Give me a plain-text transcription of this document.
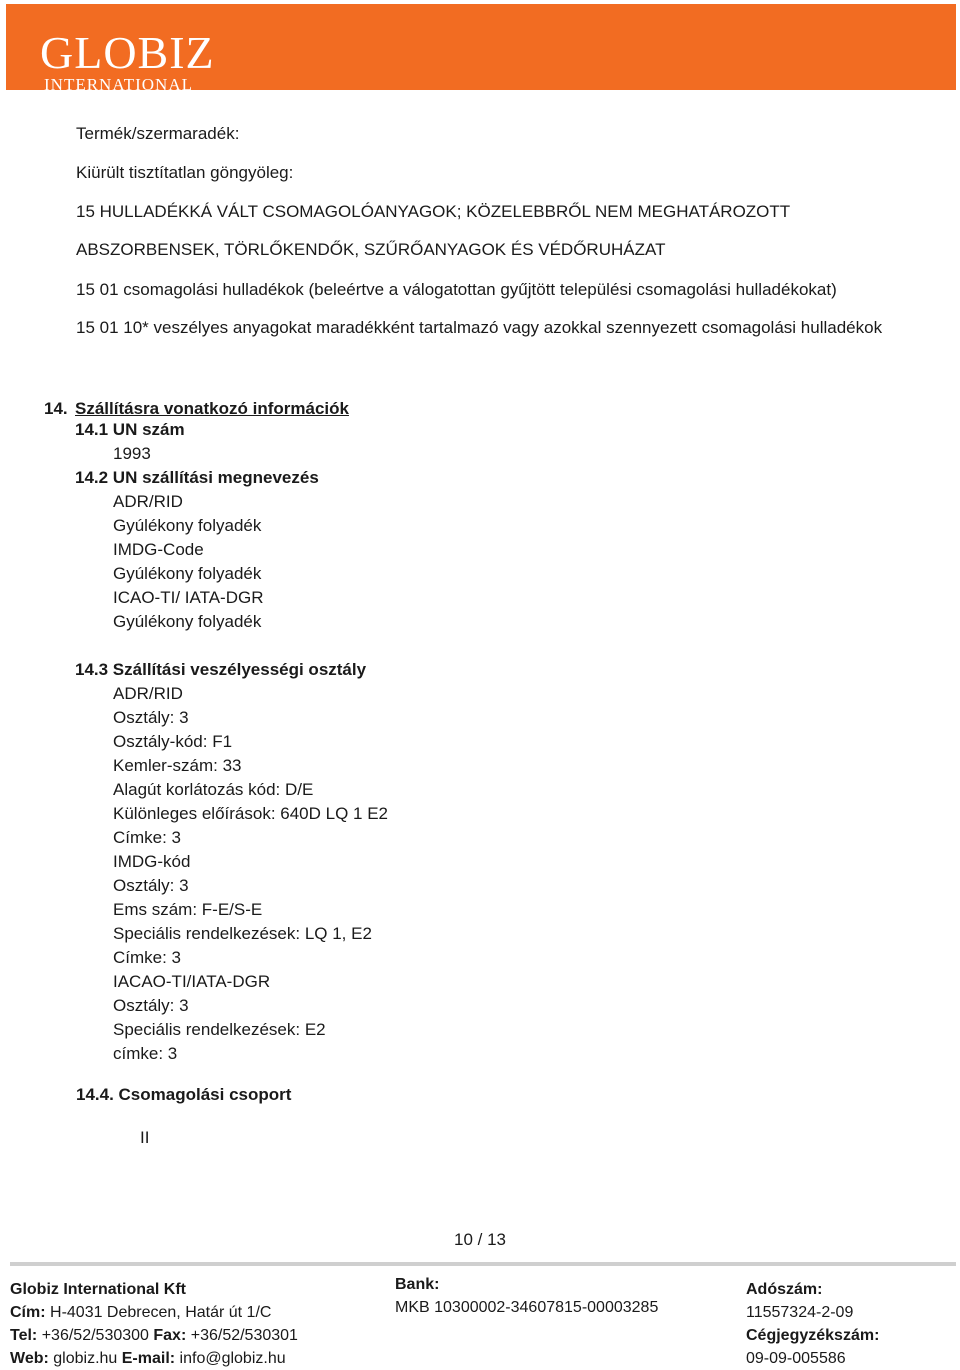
GLOBIZ
INTERNATIONAL
Termék/szermaradék:
Kiürült tisztítatlan göngyöleg:
15 HULLADÉKKÁ VÁLT CSOMAGOLÓANYAGOK; KÖZELEBBRŐL NEM MEGHATÁROZOTT
ABSZORBENSEK, TÖRLŐKENDŐK, SZŰRŐANYAGOK ÉS VÉDŐRUHÁZAT
15 01 csomagolási hulladékok (beleértve a válogatottan gyűjtött települési csomagolási hulladékokat)
15 01 10* veszélyes anyagokat maradékként tartalmazó vagy azokkal szennyezett csomagolási hulladékok
14. Szállításra vonatkozó információk
14.1 UN szám
1993
14.2 UN szállítási megnevezés
ADR/RID
Gyúlékony folyadék
IMDG-Code
Gyúlékony folyadék
ICAO-TI/ IATA-DGR
Gyúlékony folyadék
14.3 Szállítási veszélyességi osztály
ADR/RID
Osztály: 3
Osztály-kód: F1
Kemler-szám: 33
Alagút korlátozás kód: D/E
Különleges előírások: 640D LQ 1 E2
Címke: 3
IMDG-kód
Osztály: 3
Ems szám: F-E/S-E
Speciális rendelkezések: LQ 1, E2
Címke: 3
IACAO-TI/IATA-DGR
Osztály: 3
Speciális rendelkezések: E2
címke: 3
14.4. Csomagolási csoport
II
10 / 13
Globiz International Kft
Cím: H-4031 Debrecen, Határ út 1/C
Tel: +36/52/530300 Fax: +36/52/530301
Web: globiz.hu E-mail: info@globiz.hu
Bank:
MKB 10300002-34607815-00003285
Adószám:
11557324-2-09
Cégjegyzékszám:
09-09-005586
